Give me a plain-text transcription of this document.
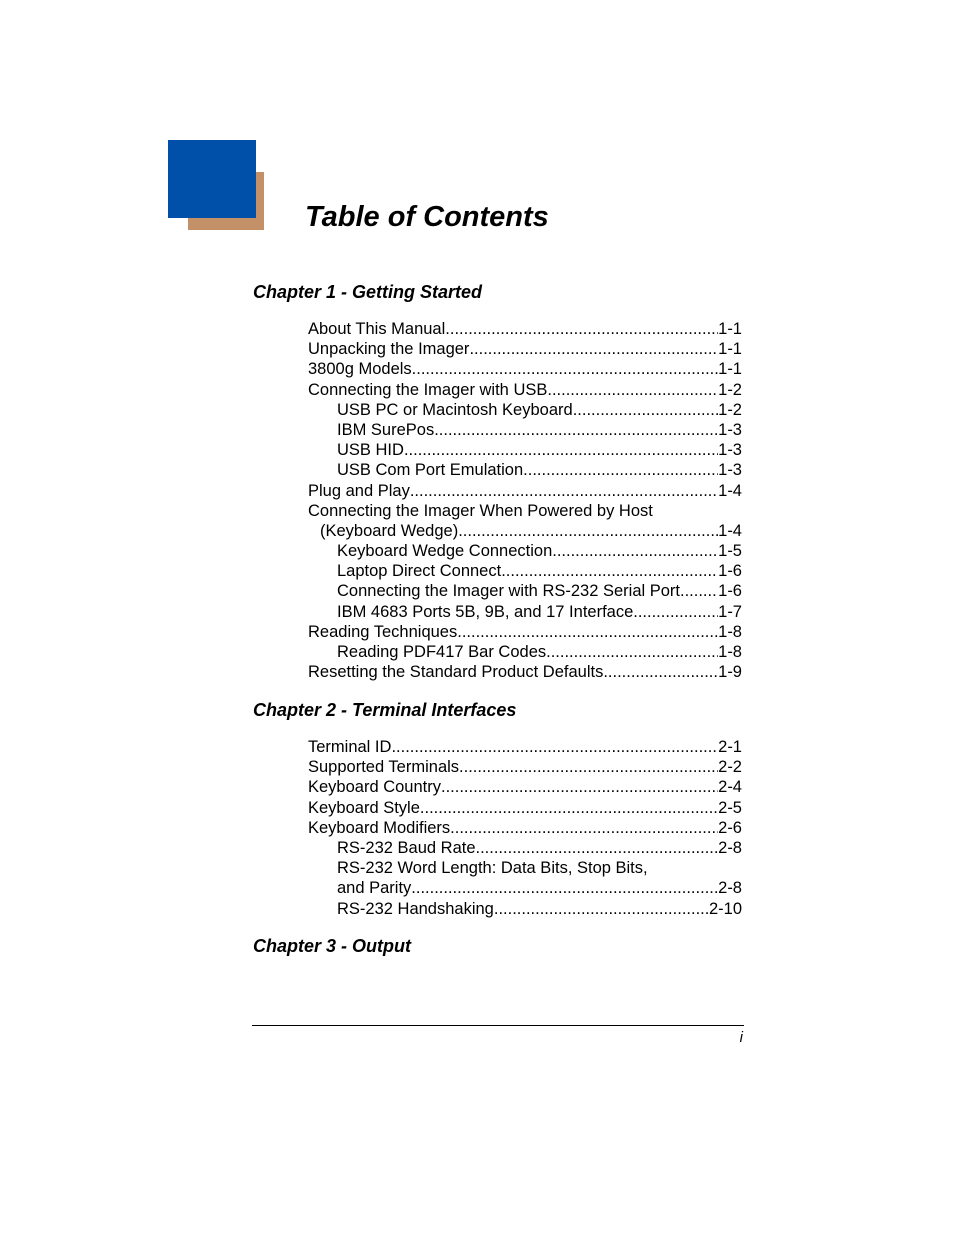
Table of Contents
Chapter 1 - Getting Started
About This Manual .....	1-1
Unpacking the Imager .....	1-1
3800g Models .....	1-1
Connecting the Imager with USB .....	1-2
USB PC or Macintosh Keyboard .....	1-2
IBM SurePos .....	1-3
USB HID .....	1-3
USB Com Port Emulation .....	1-3
Plug and Play .....	1-4
Connecting the Imager When Powered by Host
(Keyboard Wedge) .....	1-4
Keyboard Wedge Connection .....	1-5
Laptop Direct Connect .....	1-6
Connecting the Imager with RS-232 Serial Port ..... 1-6
IBM 4683 Ports 5B, 9B, and 17 Interface .....	1-7
Reading Techniques .....	1-8
Reading PDF417 Bar Codes .....	1-8
Resetting the Standard Product Defaults .....	1-9
Chapter 2 - Terminal Interfaces
Terminal ID .....	2-1
Supported Terminals .....	2-2
Keyboard Country .....	2-4
Keyboard Style .....	2-5
Keyboard Modifiers .....	2-6
RS-232 Baud Rate .....	2-8
RS-232 Word Length: Data Bits, Stop Bits,
and Parity .....	2-8
RS-232 Handshaking .....	2-10
Chapter 3 - Output
i
